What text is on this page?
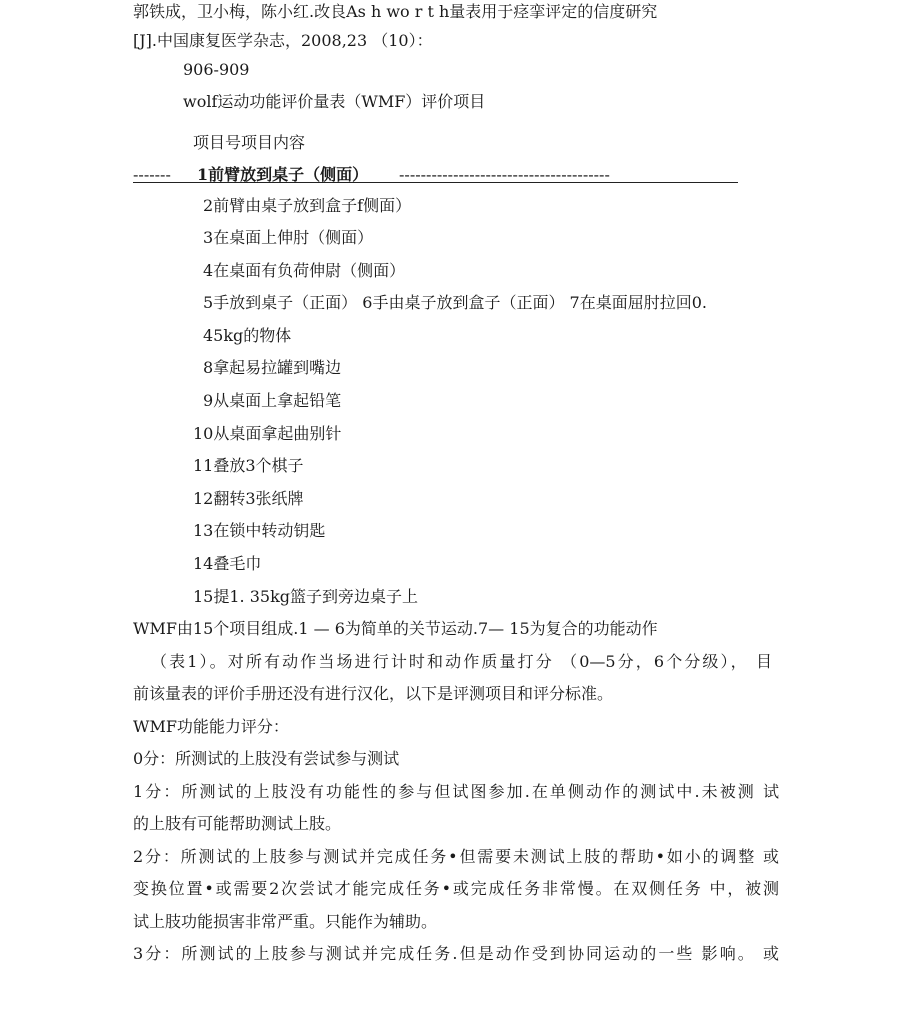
郭铁成，卫小梅，陈小红.改良As h wo r t h量表用于痉挛评定的信度研究
[J].中国康复医学杂志，2008,23 （10）：
906-909
wolf运动功能评价量表（WMF）评价项目
项目号项目内容
------- 1前臂放到桌子（侧面） ---------------------------------------
2前臂由桌子放到盒子f侧面）
3在桌面上伸肘（侧面）
4在桌面有负荷伸尉（侧面）
5手放到桌子（正面） 6手由桌子放到盒子（正面） 7在桌面屈肘拉回0.
45kg的物体
8拿起易拉罐到嘴边
9从桌面上拿起铅笔
10从桌面拿起曲别针
11叠放3个棋子
12翻转3张纸牌
13在锁中转动钥匙
14叠毛巾
15提1. 35kg篮子到旁边桌子上
WMF由15个项目组成.1 — 6为简单的关节运动.7— 15为复合的功能动作
（表1）。对所有动作当场进行计时和动作质量打分 （0—5分，6个分级）， 目
前该量表的评价手册还没有进行汉化，以下是评测项目和评分标准。
WMF功能能力评分：
0分：所测试的上肢没有尝试参与测试
1分：所测试的上肢没有功能性的参与但试图参加.在单侧动作的测试中.未被测 试
的上肢有可能帮助测试上肢。
2分：所测试的上肢参与测试并完成任务•但需要未测试上肢的帮助•如小的调整 或
变换位置•或需要2次尝试才能完成任务•或完成任务非常慢。在双侧任务 中，被测
试上肢功能损害非常严重。只能作为辅助。
3分：所测试的上肢参与测试并完成任务.但是动作受到协同运动的一些 影响。 或
